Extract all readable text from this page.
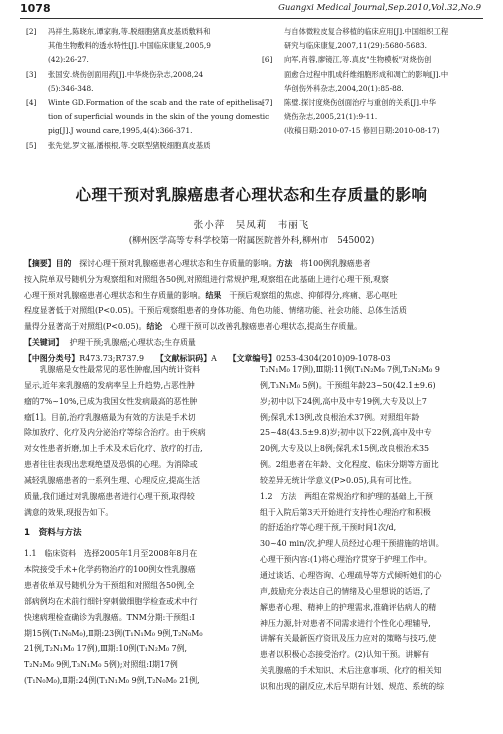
1078	Guangxi Medical Journal,Sep.2010,Vol.32,No.9
[2]	冯祥生,陈晓东,谭家驹,等.脱细胞猪真皮基质敷料和
其他生物敷料的透水特性[J].中国临床康复,2005,9
(42):26-27.
[3]	张国安.烧伤创面用药[J].中华烧伤杂志,2008,24
(5):346-348.
[4]	Winte GD.Formation of the scab and the rate of epithelisa-
tion of superficial wounds in the skin of the young domestic
pig[J].J wound care,1995,4(4):366-371.
[5]	张先觉,罗文福,潘根根,等.交联型猪脱细胞真皮基质
与自体微粒皮复合移植的临床应用[J].中国组织工程
研究与临床康复,2007,11(29):5680-5683.
[6]	向军,肖蓉,廖镜江,等.真皮"生物模板"对烧伤创
面愈合过程中肌成纤维细胞形成和凋亡的影响[J].中
华创伤外科杂志,2004,20(1):85-88.
[7]	陈璧.探讨度烧伤创面治疗与重创的关系[J].中华
烧伤杂志,2005,21(1):9-11.
(收稿日期:2010-07-15 修回日期:2010-08-17)
心理干预对乳腺癌患者心理状态和生存质量的影响
张小萍　吴凤莉　韦丽飞
(柳州医学高等专科学校第一附属医院普外科,柳州市　545002)
【摘要】目的　探讨心理干预对乳腺癌患者心理状态和生存质量的影响。方法　将100例乳腺癌患者
按入院单双号随机分为观察组和对照组各50例,对照组进行常规护理,观察组在此基础上进行心理干预,观察
心理干预对乳腺癌患者心理状态和生存质量的影响。结果　干预后观察组的焦虑、抑郁得分,疼痛、恶心呕吐
程度显著低于对照组(P<0.05)。干预后观察组患者的身体功能、角色功能、情绪功能、社会功能、总体生活质
量得分显著高于对照组(P<0.05)。结论　心理干预可以改善乳腺癌患者心理状态,提高生存质量。
【关键词】 护理干预;乳腺癌;心理状态;生存质量
【中图分类号】R473.73;R737.9　　 【文献标识码】A　　 【文章编号】0253-4304(2010)09-1078-03
　　乳腺癌是女性最常见的恶性肿瘤,国内统计资料
显示,近年来乳腺癌的发病率呈上升趋势,占恶性肿
瘤的7%~10%,已成为我国女性发病最高的恶性肿
瘤[1]。目前,治疗乳腺癌最为有效的方法是手术切
除加放疗、化疗及内分泌治疗等综合治疗。由于疾病
对女性患者折磨,加上手术及术后化疗、放疗的打击,
患者往往表现出悲观绝望及恐惧的心理。为消除或
减轻乳腺癌患者的一系列生理、心理反应,提高生活
质量,我们通过对乳腺癌患者进行心理干预,取得较
满意的效果,现报告如下。
1　资料与方法
1.1　临床资料　选择2005年1月至2008年8月在
本院接受手术+化学药物治疗的100例女性乳腺癌
患者依单双号随机分为干预组和对照组各50例,全
部病例均在术前行细针穿刺做细胞学检查或术中行
快速病理检查确诊为乳腺癌。TNM分期:干预组:Ⅰ
期15例(T₁N₀M₀),Ⅱ期:23例(T₁N₁M₀ 9例,T₂N₀M₀
21例,T₂N₁M₀ 17例),Ⅲ期:10例(T₁N₂M₀ 7例,
T₂N₂M₀ 9例,T₃N₁M₀ 5例);对照组:Ⅰ期17例
(T₁N₀M₀),Ⅱ期:24例(T₁N₁M₀ 9例,T₂N₀M₀ 21例,
T₂N₁M₀ 17例),Ⅲ期:11例(T₁N₂M₀ 7例,T₂N₂M₀ 9
例,T₃N₁M₀ 5例)。干预组年龄23~50(42.1±9.6)
岁;初中以下24例,高中及中专19例,大专及以上7
例;保乳术13例,改良根治术37例。对照组年龄
25~48(43.5±9.8)岁;初中以下22例,高中及中专
20例,大专及以上8例;保乳术15例,改良根治术35
例。2组患者在年龄、文化程度、临床分期等方面比
较差异无统计学意义(P>0.05),具有可比性。
1.2　方法　两组在常规治疗和护理的基础上,干预
组于入院后第3天开始进行支持性心理治疗和积极
的舒适治疗等心理干预,干预时间1次/d,
30~40 min/次,护理人员经过心理干预措施的培训。
心理干预内容:(1)将心理治疗贯穿于护理工作中。
通过谈话、心理咨询、心理疏导等方式倾听她们的心
声,鼓励充分表达自己的情绪及心里想说的话语,了
解患者心理、精神上的护理需求,准确评估病人的精
神压力源,针对患者不同需求进行个性化心理辅导,
讲解有关最新医疗资讯及压力应对的策略与技巧,使
患者以积极心态接受治疗。(2)认知干预。讲解有
关乳腺癌的手术知识、术后注意事项、化疗的相关知
识和出现的副反应,术后早期有计划、规范、系统的综
